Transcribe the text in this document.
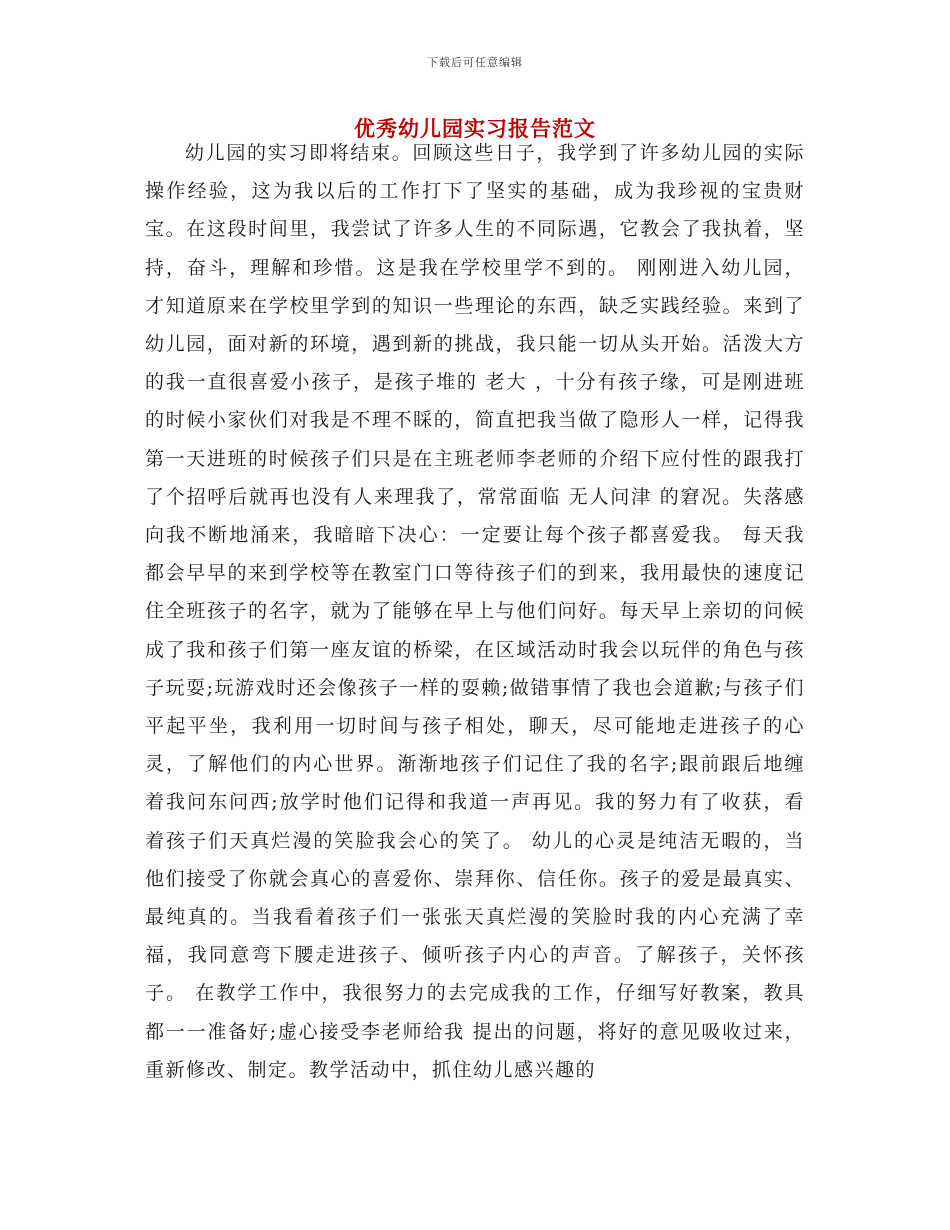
下载后可任意编辑
优秀幼儿园实习报告范文

幼儿园的实习即将结束。回顾这些日子，我学到了许多幼儿园的实际操作经验，这为我以后的工作打下了坚实的基础，成为我珍视的宝贵财宝。在这段时间里，我尝试了许多人生的不同际遇，它教会了我执着，坚持，奋斗，理解和珍惜。这是我在学校里学不到的。 刚刚进入幼儿园，才知道原来在学校里学到的知识一些理论的东西，缺乏实践经验。来到了幼儿园，面对新的环境，遇到新的挑战，我只能一切从头开始。活泼大方的我一直很喜爱小孩子，是孩子堆的 老大 ，十分有孩子缘，可是刚进班的时候小家伙们对我是不理不睬的，简直把我当做了隐形人一样，记得我第一天进班的时候孩子们只是在主班老师李老师的介绍下应付性的跟我打了个招呼后就再也没有人来理我了，常常面临 无人问津 的窘况。失落感向我不断地涌来，我暗暗下决心：一定要让每个孩子都喜爱我。 每天我都会早早的来到学校等在教室门口等待孩子们的到来，我用最快的速度记住全班孩子的名字，就为了能够在早上与他们问好。每天早上亲切的问候成了我和孩子们第一座友谊的桥梁，在区域活动时我会以玩伴的角色与孩子玩耍;玩游戏时还会像孩子一样的耍赖;做错事情了我也会道歉;与孩子们平起平坐，我利用一切时间与孩子相处，聊天，尽可能地走进孩子的心灵，了解他们的内心世界。渐渐地孩子们记住了我的名字;跟前跟后地缠着我问东问西;放学时他们记得和我道一声再见。我的努力有了收获，看着孩子们天真烂漫的笑脸我会心的笑了。 幼儿的心灵是纯洁无暇的，当他们接受了你就会真心的喜爱你、崇拜你、信任你。孩子的爱是最真实、最纯真的。当我看着孩子们一张张天真烂漫的笑脸时我的内心充满了幸福，我同意弯下腰走进孩子、倾听孩子内心的声音。了解孩子，关怀孩子。 在教学工作中，我很努力的去完成我的工作，仔细写好教案，教具都一一准备好;虚心接受李老师给我 提出的问题，将好的意见吸收过来，重新修改、制定。教学活动中，抓住幼儿感兴趣的
